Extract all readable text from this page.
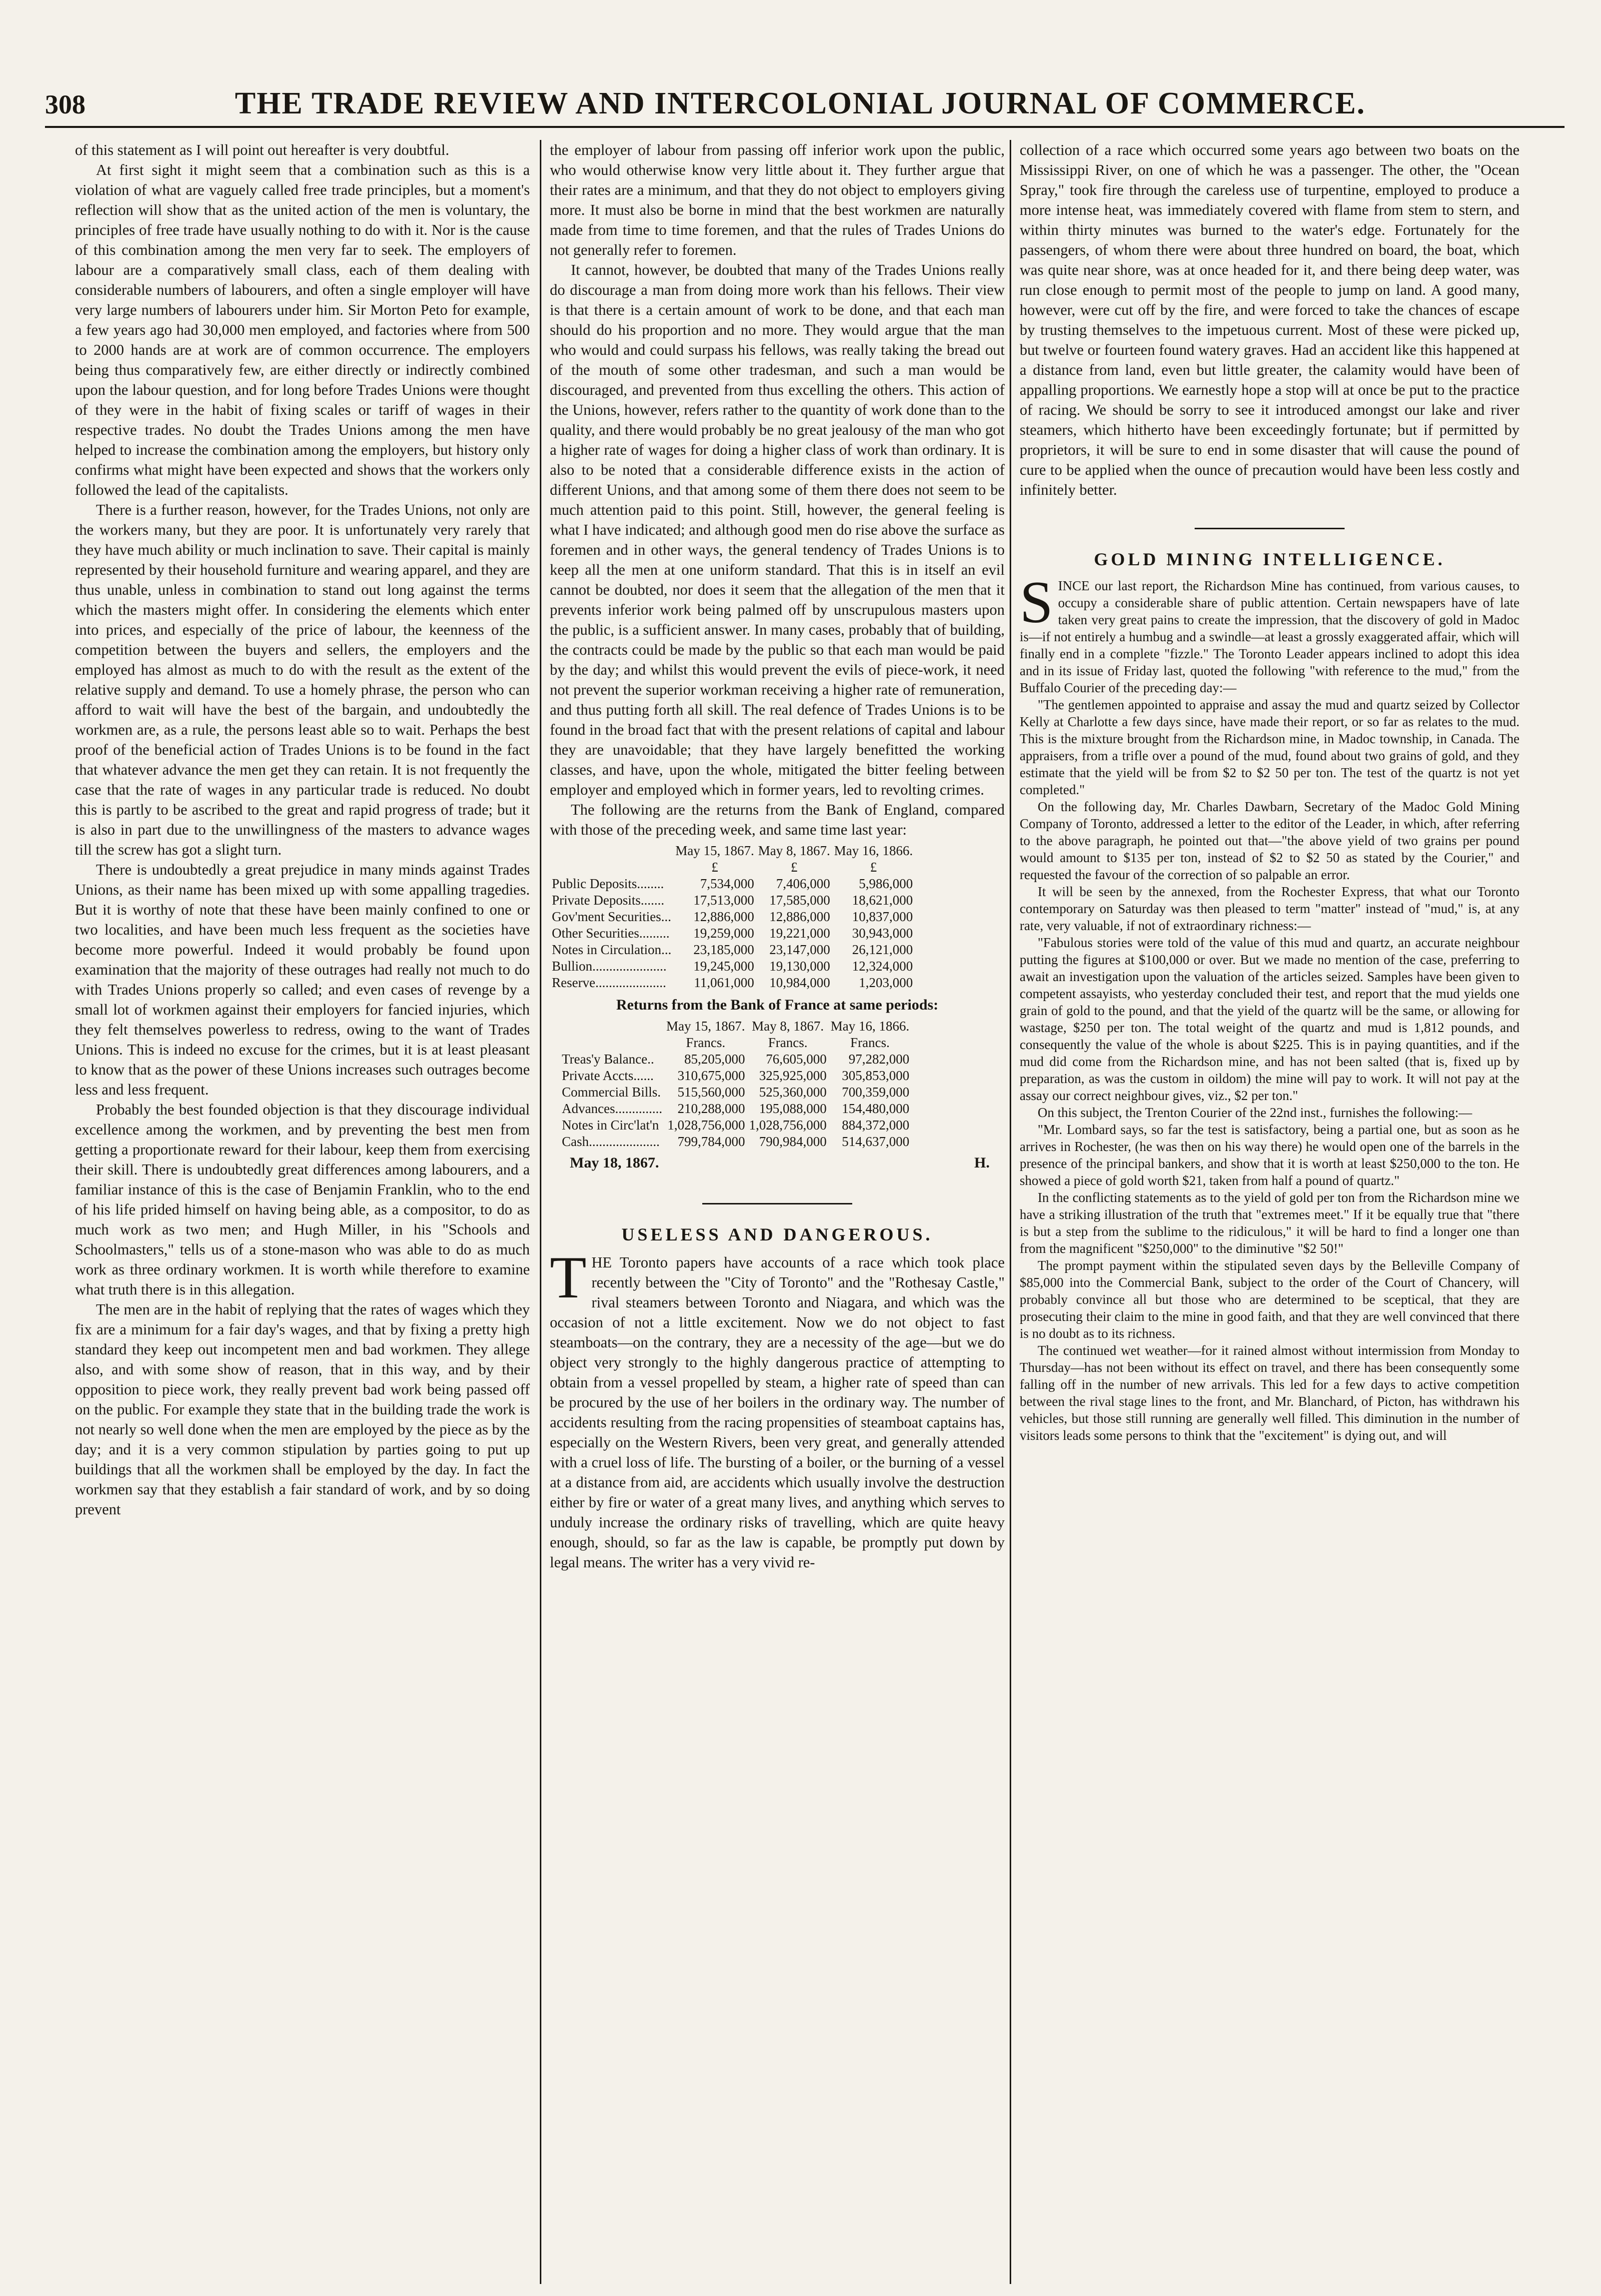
308	THE TRADE REVIEW AND INTERCOLONIAL JOURNAL OF COMMERCE.

of this statement as I will point out hereafter is very doubtful.

At first sight it might seem that a combination such as this is a violation of what are vaguely called free trade principles, but a moment's reflection will show that as the united action of the men is voluntary, the principles of free trade have usually nothing to do with it. Nor is the cause of this combination among the men very far to seek. The employers of labour are a comparatively small class, each of them dealing with considerable numbers of labourers, and often a single employer will have very large numbers of labourers under him. Sir Morton Peto for example, a few years ago had 30,000 men employed, and factories where from 500 to 2000 hands are at work are of common occurrence. The employers being thus comparatively few, are either directly or indirectly combined upon the labour question, and for long before Trades Unions were thought of they were in the habit of fixing scales or tariff of wages in their respective trades. No doubt the Trades Unions among the men have helped to increase the combination among the employers, but history only confirms what might have been expected and shows that the workers only followed the lead of the capitalists.

There is a further reason, however, for the Trades Unions, not only are the workers many, but they are poor. It is unfortunately very rarely that they have much ability or much inclination to save. Their capital is mainly represented by their household furniture and wearing apparel, and they are thus unable, unless in combination to stand out long against the terms which the masters might offer. In considering the elements which enter into prices, and especially of the price of labour, the keenness of the competition between the buyers and sellers, the employers and the employed has almost as much to do with the result as the extent of the relative supply and demand. To use a homely phrase, the person who can afford to wait will have the best of the bargain, and undoubtedly the workmen are, as a rule, the persons least able so to wait. Perhaps the best proof of the beneficial action of Trades Unions is to be found in the fact that whatever advance the men get they can retain. It is not frequently the case that the rate of wages in any particular trade is reduced. No doubt this is partly to be ascribed to the great and rapid progress of trade; but it is also in part due to the unwillingness of the masters to advance wages till the screw has got a slight turn.

There is undoubtedly a great prejudice in many minds against Trades Unions, as their name has been mixed up with some appalling tragedies. But it is worthy of note that these have been mainly confined to one or two localities, and have been much less frequent as the societies have become more powerful. Indeed it would probably be found upon examination that the majority of these outrages had really not much to do with Trades Unions properly so called; and even cases of revenge by a small lot of workmen against their employers for fancied injuries, which they felt themselves powerless to redress, owing to the want of Trades Unions. This is indeed no excuse for the crimes, but it is at least pleasant to know that as the power of these Unions increases such outrages become less and less frequent.

Probably the best founded objection is that they discourage individual excellence among the workmen, and by preventing the best men from getting a proportionate reward for their labour, keep them from exercising their skill. There is undoubtedly great differences among labourers, and a familiar instance of this is the case of Benjamin Franklin, who to the end of his life prided himself on having being able, as a compositor, to do as much work as two men; and Hugh Miller, in his "Schools and Schoolmasters," tells us of a stone-mason who was able to do as much work as three ordinary workmen. It is worth while therefore to examine what truth there is in this allegation.

The men are in the habit of replying that the rates of wages which they fix are a minimum for a fair day's wages, and that by fixing a pretty high standard they keep out incompetent men and bad workmen. They allege also, and with some show of reason, that in this way, and by their opposition to piece work, they really prevent bad work being passed off on the public. For example they state that in the building trade the work is not nearly so well done when the men are employed by the piece as by the day; and it is a very common stipulation by parties going to put up buildings that all the workmen shall be employed by the day. In fact the workmen say that they establish a fair standard of work, and by so doing prevent

the employer of labour from passing off inferior work upon the public, who would otherwise know very little about it. They further argue that their rates are a minimum, and that they do not object to employers giving more. It must also be borne in mind that the best workmen are naturally made from time to time foremen, and that the rules of Trades Unions do not generally refer to foremen.

It cannot, however, be doubted that many of the Trades Unions really do discourage a man from doing more work than his fellows. Their view is that there is a certain amount of work to be done, and that each man should do his proportion and no more. They would argue that the man who would and could surpass his fellows, was really taking the bread out of the mouth of some other tradesman, and such a man would be discouraged, and prevented from thus excelling the others. This action of the Unions, however, refers rather to the quantity of work done than to the quality, and there would probably be no great jealousy of the man who got a higher rate of wages for doing a higher class of work than ordinary. It is also to be noted that a considerable difference exists in the action of different Unions, and that among some of them there does not seem to be much attention paid to this point. Still, however, the general feeling is what I have indicated; and although good men do rise above the surface as foremen and in other ways, the general tendency of Trades Unions is to keep all the men at one uniform standard. That this is in itself an evil cannot be doubted, nor does it seem that the allegation of the men that it prevents inferior work being palmed off by unscrupulous masters upon the public, is a sufficient answer. In many cases, probably that of building, the contracts could be made by the public so that each man would be paid by the day; and whilst this would prevent the evils of piece-work, it need not prevent the superior workman receiving a higher rate of remuneration, and thus putting forth all skill. The real defence of Trades Unions is to be found in the broad fact that with the present relations of capital and labour they are unavoidable; that they have largely benefitted the working classes, and have, upon the whole, mitigated the bitter feeling between employer and employed which in former years, led to revolting crimes.

The following are the returns from the Bank of England, compared with those of the preceding week, and same time last year:

	May 15, 1867.	May 8, 1867.	May 16, 1866.
	£	£	£
Public Deposits........	7,534,000	7,406,000	5,986,000
Private Deposits.......	17,513,000	17,585,000	18,621,000
Gov'ment Securities...	12,886,000	12,886,000	10,837,000
Other Securities.........	19,259,000	19,221,000	30,943,000
Notes in Circulation...	23,185,000	23,147,000	26,121,000
Bullion......................	19,245,000	19,130,000	12,324,000
Reserve.....................	11,061,000	10,984,000	1,203,000
Returns from the Bank of France at same periods:
	May 15, 1867.	May 8, 1867.	May 16, 1866.
	Francs.	Francs.	Francs.
Treas'y Balance..	85,205,000	76,605,000	97,282,000
Private Accts......	310,675,000	325,925,000	305,853,000
Commercial Bills.	515,560,000	525,360,000	700,359,000
Advances..............	210,288,000	195,088,000	154,480,000
Notes in Circ'lat'n	1,028,756,000	1,028,756,000	884,372,000
Cash.....................	799,784,000	790,984,000	514,637,000
May 18, 1867.	H.
USELESS AND DANGEROUS.

THE Toronto papers have accounts of a race which took place recently between the "City of Toronto" and the "Rothesay Castle," rival steamers between Toronto and Niagara, and which was the occasion of not a little excitement. Now we do not object to fast steamboats—on the contrary, they are a necessity of the age—but we do object very strongly to the highly dangerous practice of attempting to obtain from a vessel propelled by steam, a higher rate of speed than can be procured by the use of her boilers in the ordinary way. The number of accidents resulting from the racing propensities of steamboat captains has, especially on the Western Rivers, been very great, and generally attended with a cruel loss of life. The bursting of a boiler, or the burning of a vessel at a distance from aid, are accidents which usually involve the destruction either by fire or water of a great many lives, and anything which serves to unduly increase the ordinary risks of travelling, which are quite heavy enough, should, so far as the law is capable, be promptly put down by legal means. The writer has a very vivid re-

collection of a race which occurred some years ago between two boats on the Mississippi River, on one of which he was a passenger. The other, the "Ocean Spray," took fire through the careless use of turpentine, employed to produce a more intense heat, was immediately covered with flame from stem to stern, and within thirty minutes was burned to the water's edge. Fortunately for the passengers, of whom there were about three hundred on board, the boat, which was quite near shore, was at once headed for it, and there being deep water, was run close enough to permit most of the people to jump on land. A good many, however, were cut off by the fire, and were forced to take the chances of escape by trusting themselves to the impetuous current. Most of these were picked up, but twelve or fourteen found watery graves. Had an accident like this happened at a distance from land, even but little greater, the calamity would have been of appalling proportions. We earnestly hope a stop will at once be put to the practice of racing. We should be sorry to see it introduced amongst our lake and river steamers, which hitherto have been exceedingly fortunate; but if permitted by proprietors, it will be sure to end in some disaster that will cause the pound of cure to be applied when the ounce of precaution would have been less costly and infinitely better.

GOLD MINING INTELLIGENCE.

SINCE our last report, the Richardson Mine has continued, from various causes, to occupy a considerable share of public attention. Certain newspapers have of late taken very great pains to create the impression, that the discovery of gold in Madoc is—if not entirely a humbug and a swindle—at least a grossly exaggerated affair, which will finally end in a complete "fizzle." The Toronto Leader appears inclined to adopt this idea and in its issue of Friday last, quoted the following "with reference to the mud," from the Buffalo Courier of the preceding day:—

"The gentlemen appointed to appraise and assay the mud and quartz seized by Collector Kelly at Charlotte a few days since, have made their report, or so far as relates to the mud. This is the mixture brought from the Richardson mine, in Madoc township, in Canada. The appraisers, from a trifle over a pound of the mud, found about two grains of gold, and they estimate that the yield will be from $2 to $2 50 per ton. The test of the quartz is not yet completed."

On the following day, Mr. Charles Dawbarn, Secretary of the Madoc Gold Mining Company of Toronto, addressed a letter to the editor of the Leader, in which, after referring to the above paragraph, he pointed out that—"the above yield of two grains per pound would amount to $135 per ton, instead of $2 to $2 50 as stated by the Courier," and requested the favour of the correction of so palpable an error.

It will be seen by the annexed, from the Rochester Express, that what our Toronto contemporary on Saturday was then pleased to term "matter" instead of "mud," is, at any rate, very valuable, if not of extraordinary richness:—

"Fabulous stories were told of the value of this mud and quartz, an accurate neighbour putting the figures at $100,000 or over. But we made no mention of the case, preferring to await an investigation upon the valuation of the articles seized. Samples have been given to competent assayists, who yesterday concluded their test, and report that the mud yields one grain of gold to the pound, and that the yield of the quartz will be the same, or allowing for wastage, $250 per ton. The total weight of the quartz and mud is 1,812 pounds, and consequently the value of the whole is about $225. This is in paying quantities, and if the mud did come from the Richardson mine, and has not been salted (that is, fixed up by preparation, as was the custom in oildom) the mine will pay to work. It will not pay at the assay our correct neighbour gives, viz., $2 per ton."

On this subject, the Trenton Courier of the 22nd inst., furnishes the following:—

"Mr. Lombard says, so far the test is satisfactory, being a partial one, but as soon as he arrives in Rochester, (he was then on his way there) he would open one of the barrels in the presence of the principal bankers, and show that it is worth at least $250,000 to the ton. He showed a piece of gold worth $21, taken from half a pound of quartz."

In the conflicting statements as to the yield of gold per ton from the Richardson mine we have a striking illustration of the truth that "extremes meet." If it be equally true that "there is but a step from the sublime to the ridiculous," it will be hard to find a longer one than from the magnificent "$250,000" to the diminutive "$2 50!"

The prompt payment within the stipulated seven days by the Belleville Company of $85,000 into the Commercial Bank, subject to the order of the Court of Chancery, will probably convince all but those who are determined to be sceptical, that they are prosecuting their claim to the mine in good faith, and that they are well convinced that there is no doubt as to its richness.

The continued wet weather—for it rained almost without intermission from Monday to Thursday—has not been without its effect on travel, and there has been consequently some falling off in the number of new arrivals. This led for a few days to active competition between the rival stage lines to the front, and Mr. Blanchard, of Picton, has withdrawn his vehicles, but those still running are generally well filled. This diminution in the number of visitors leads some persons to think that the "excitement" is dying out, and will
